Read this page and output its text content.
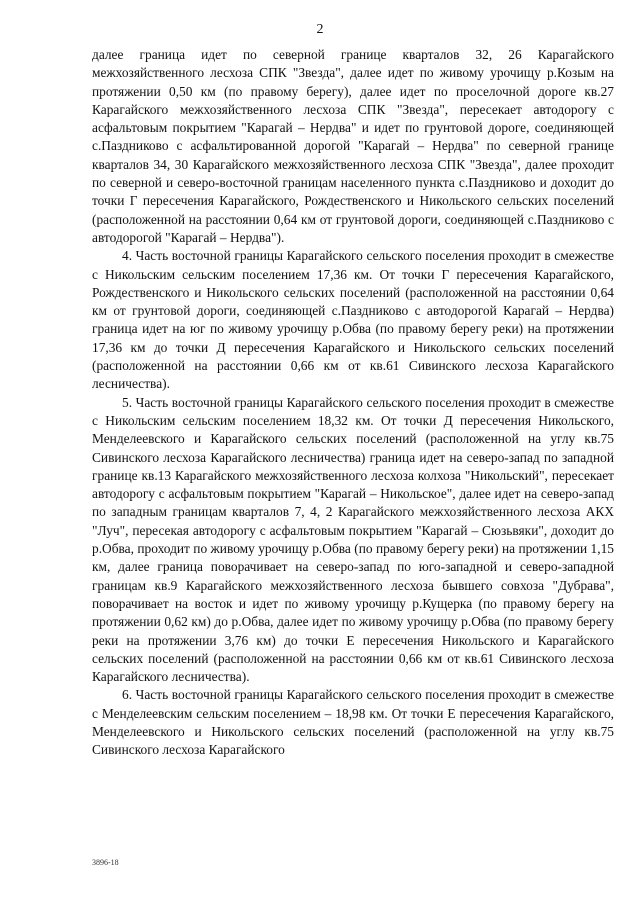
2

далее граница идет по северной границе кварталов 32, 26 Карагайского межхозяйственного лесхоза СПК "Звезда", далее идет по живому урочищу р.Козым на протяжении 0,50 км (по правому берегу), далее идет по проселочной дороге кв.27 Карагайского межхозяйственного лесхоза СПК "Звезда", пересекает автодорогу с асфальтовым покрытием "Карагай – Нердва" и идет по грунтовой дороге, соединяющей с.Паздниково с асфальтированной дорогой "Карагай – Нердва" по северной границе кварталов 34, 30 Карагайского межхозяйственного лесхоза СПК "Звезда", далее проходит по северной и северо-восточной границам населенного пункта с.Паздниково и доходит до точки Г пересечения Карагайского, Рождественского и Никольского сельских поселений (расположенной на расстоянии 0,64 км от грунтовой дороги, соединяющей с.Паздниково с автодорогой "Карагай – Нердва").

4. Часть восточной границы Карагайского сельского поселения проходит в смежестве с Никольским сельским поселением 17,36 км. От точки Г пересечения Карагайского, Рождественского и Никольского сельских поселений (расположенной на расстоянии 0,64 км от грунтовой дороги, соединяющей с.Паздниково с автодорогой Карагай – Нердва) граница идет на юг по живому урочищу р.Обва (по правому берегу реки) на протяжении 17,36 км до точки Д пересечения Карагайского и Никольского сельских поселений (расположенной на расстоянии 0,66 км от кв.61 Сивинского лесхоза Карагайского лесничества).

5. Часть восточной границы Карагайского сельского поселения проходит в смежестве с Никольским сельским поселением 18,32 км. От точки Д пересечения Никольского, Менделеевского и Карагайского сельских поселений (расположенной на углу кв.75 Сивинского лесхоза Карагайского лесничества) граница идет на северо-запад по западной границе кв.13 Карагайского межхозяйственного лесхоза колхоза "Никольский", пересекает автодорогу с асфальтовым покрытием "Карагай – Никольское", далее идет на северо-запад по западным границам кварталов 7, 4, 2 Карагайского межхозяйственного лесхоза АКХ "Луч", пересекая автодорогу с асфальтовым покрытием "Карагай – Сюзьвяки", доходит до р.Обва, проходит по живому урочищу р.Обва (по правому берегу реки) на протяжении 1,15 км, далее граница поворачивает на северо-запад по юго-западной и северо-западной границам кв.9 Карагайского межхозяйственного лесхоза бывшего совхоза "Дубрава", поворачивает на восток и идет по живому урочищу р.Кущерка (по правому берегу на протяжении 0,62 км) до р.Обва, далее идет по живому урочищу р.Обва (по правому берегу реки на протяжении 3,76 км) до точки Е пересечения Никольского и Карагайского сельских поселений (расположенной на расстоянии 0,66 км от кв.61 Сивинского лесхоза Карагайского лесничества).

6. Часть восточной границы Карагайского сельского поселения проходит в смежестве с Менделеевским сельским поселением – 18,98 км. От точки Е пересечения Карагайского, Менделеевского и Никольского сельских поселений (расположенной на углу кв.75 Сивинского лесхоза Карагайского

3896-18
